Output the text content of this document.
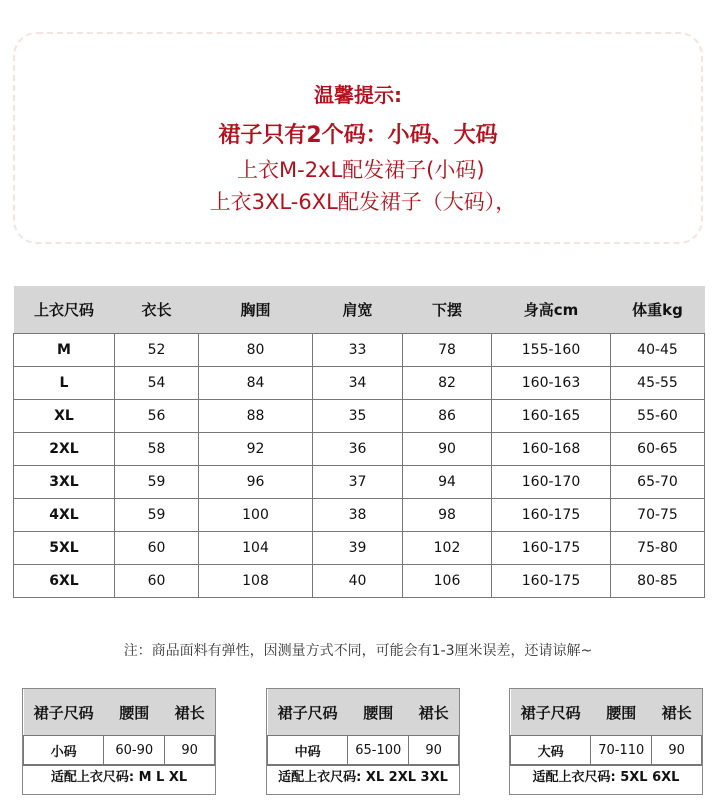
温馨提示:
裙子只有2个码：小码、大码
上衣M-2xL配发裙子(小码)
上衣3XL-6XL配发裙子（大码），
上衣尺码	衣长	胸围	肩宽	下摆	身高cm	体重kg
M	52	80	33	78	155-160	40-45
L	54	84	34	82	160-163	45-55
XL	56	88	35	86	160-165	55-60
2XL	58	92	36	90	160-168	60-65
3XL	59	96	37	94	160-170	65-70
4XL	59	100	38	98	160-175	70-75
5XL	60	104	39	102	160-175	75-80
6XL	60	108	40	106	160-175	80-85
注：商品面料有弹性，因测量方式不同，可能会有1-3厘米误差，还请谅解~
裙子尺码	腰围	裙长
小码	60-90	90
适配上衣尺码: M L XL
裙子尺码	腰围	裙长
中码	65-100	90
适配上衣尺码: XL 2XL 3XL
裙子尺码	腰围	裙长
大码	70-110	90
适配上衣尺码: 5XL 6XL
